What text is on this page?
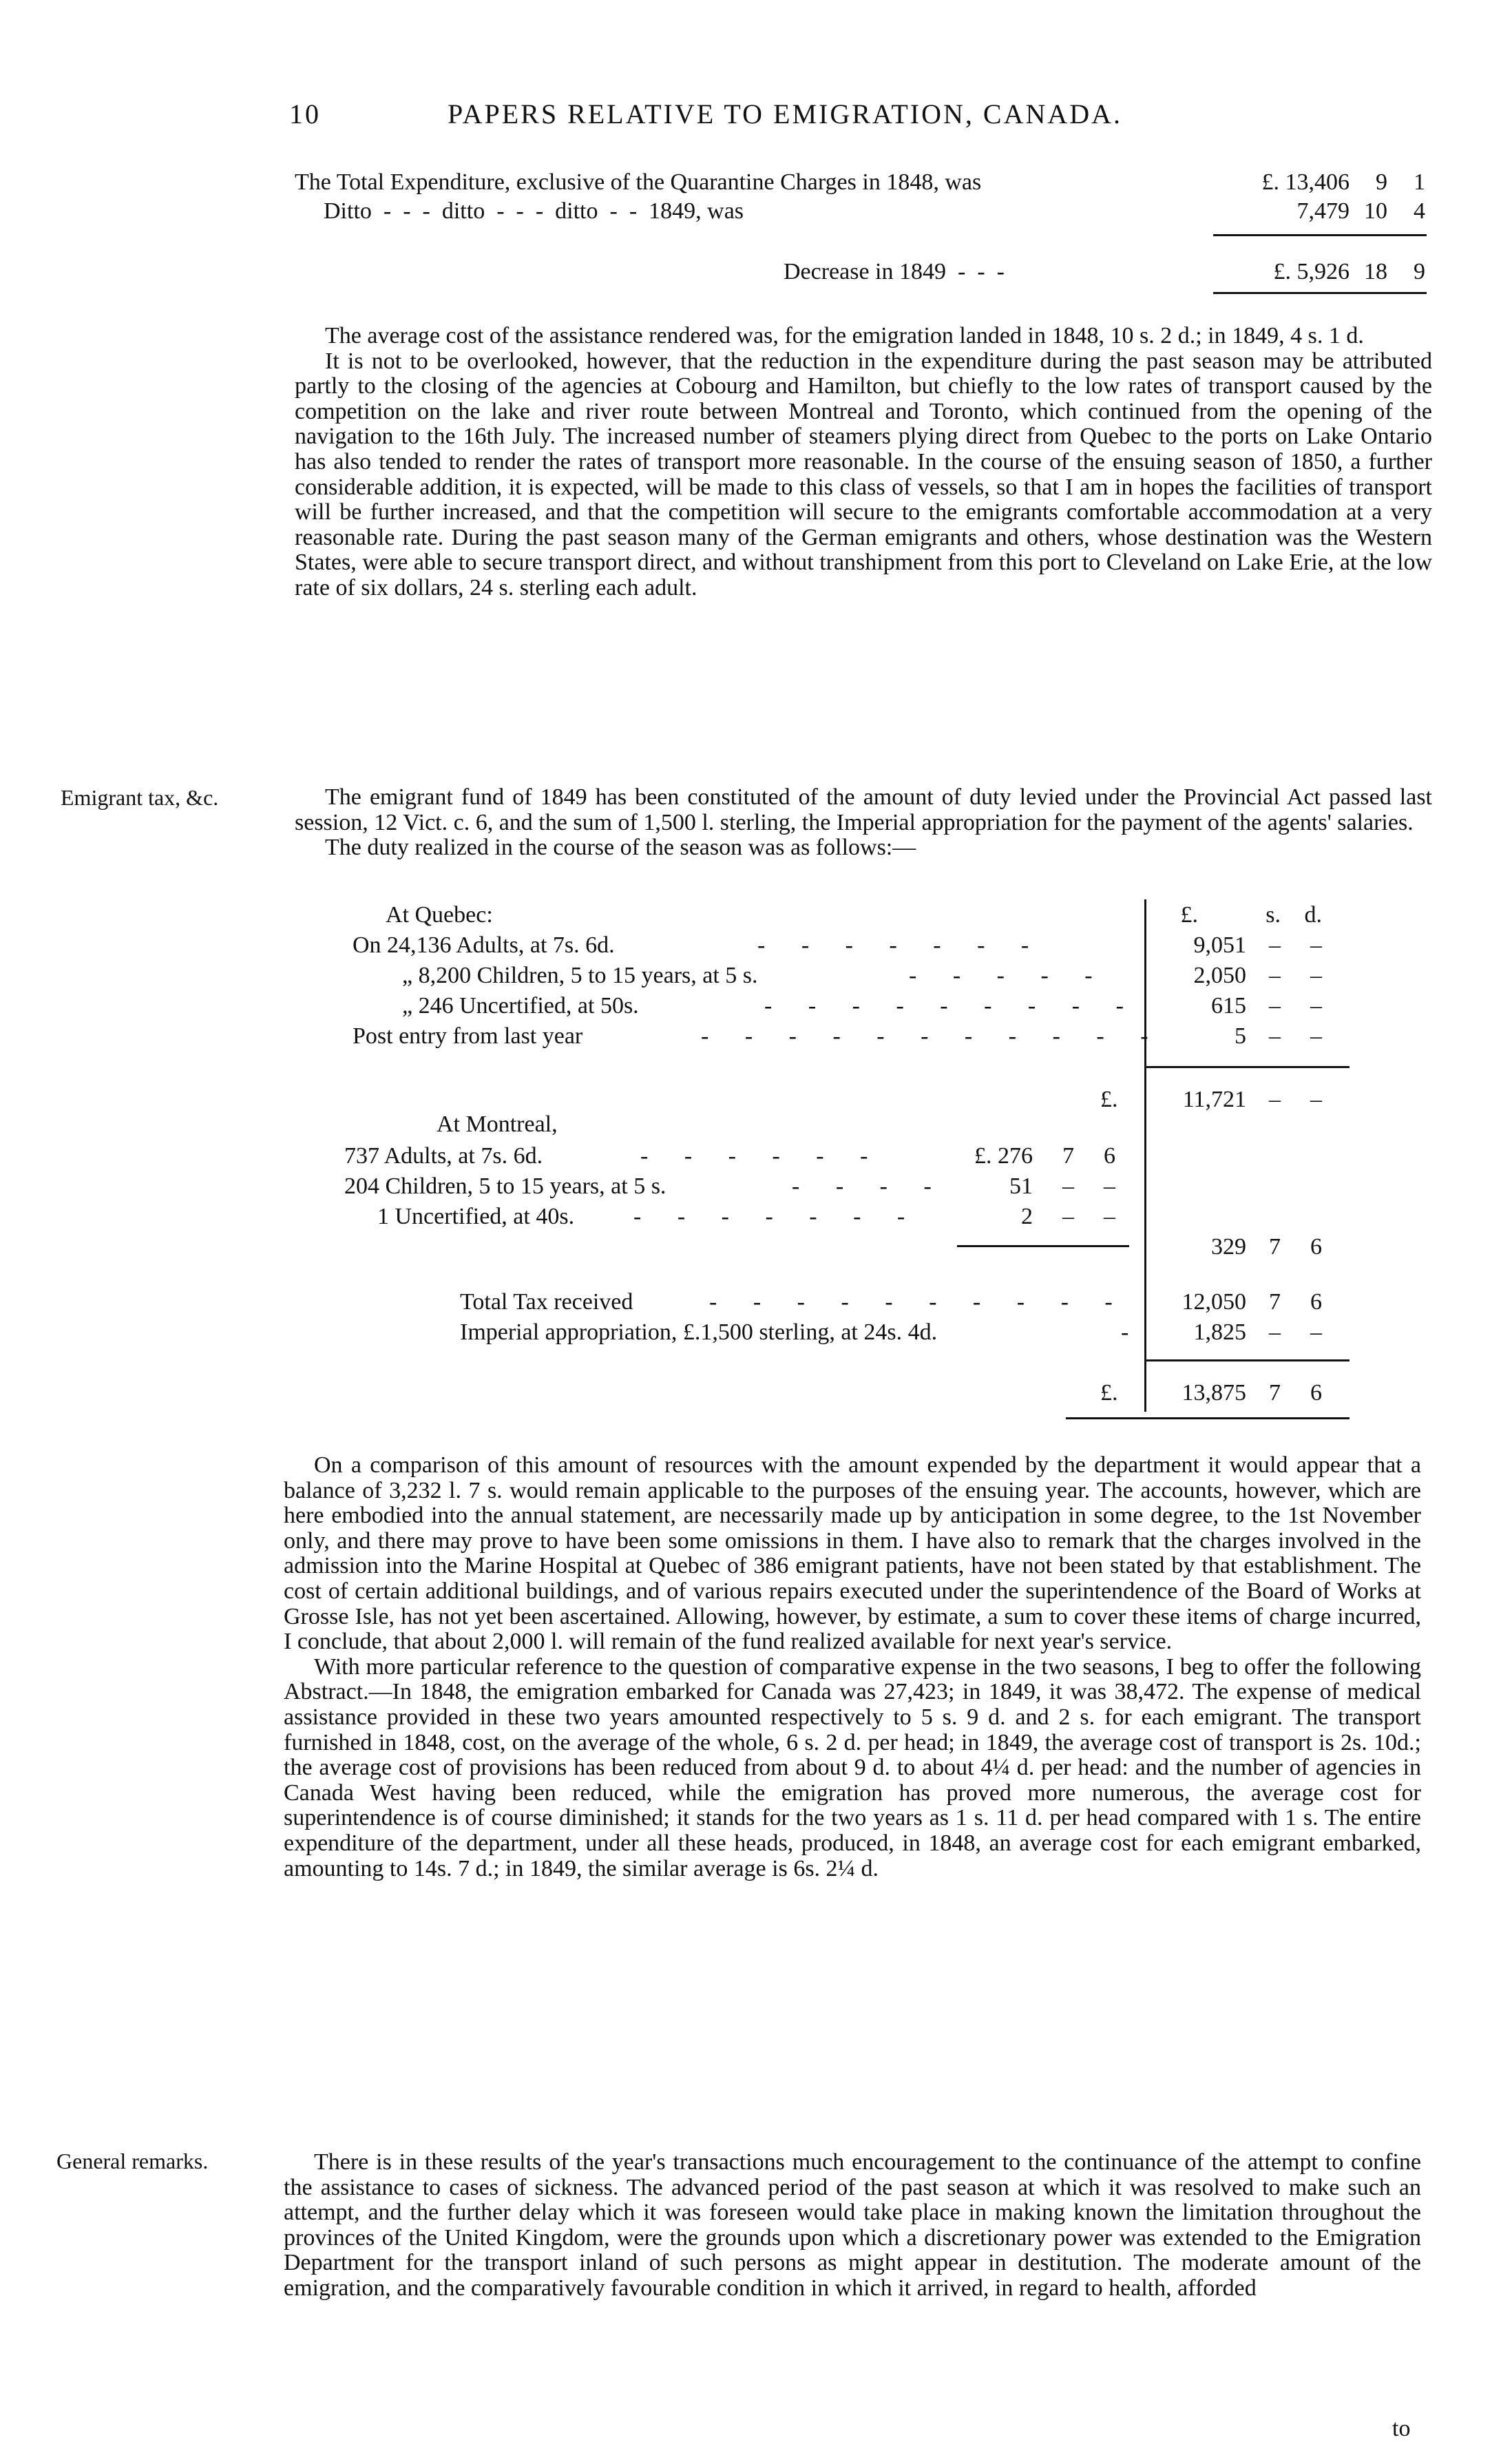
10	PAPERS RELATIVE TO EMIGRATION, CANADA.
The Total Expenditure, exclusive of the Quarantine Charges in 1848, was	£. 13,406	9	1
Ditto  -  -  -  ditto  -  -  -  ditto  -  -  1849, was	7,479 10	4
Decrease in 1849  -  -  -	£. 5,926 18	9

The average cost of the assistance rendered was, for the emigration landed in 1848, 10 s. 2 d.; in 1849, 4 s. 1 d.

It is not to be overlooked, however, that the reduction in the expenditure during the past season may be attributed partly to the closing of the agencies at Cobourg and Hamilton, but chiefly to the low rates of transport caused by the competition on the lake and river route between Montreal and Toronto, which continued from the opening of the navigation to the 16th July. The increased number of steamers plying direct from Quebec to the ports on Lake Ontario has also tended to render the rates of transport more reasonable. In the course of the ensuing season of 1850, a further considerable addition, it is expected, will be made to this class of vessels, so that I am in hopes the facilities of transport will be further increased, and that the competition will secure to the emigrants comfortable accommodation at a very reasonable rate. During the past season many of the German emigrants and others, whose destination was the Western States, were able to secure transport direct, and without transhipment from this port to Cleveland on Lake Erie, at the low rate of six dollars, 24 s. sterling each adult.

Emigrant tax, &c.
General remarks.

The emigrant fund of 1849 has been constituted of the amount of duty levied under the Provincial Act passed last session, 12 Vict. c. 6, and the sum of 1,500 l. sterling, the Imperial appropriation for the payment of the agents' salaries.

The duty realized in the course of the season was as follows:—

£.	s. d.
At Quebec:
On 24,136 Adults, at 7s. 6d.	- - - - - - -	9,051 –	–
„ 8,200 Children, 5 to 15 years, at 5 s.	- - - - -	2,050 –	–
„ 246 Uncertified, at 50s.	- - - - - - - - -	615 –	–
Post entry from last year	- - - - - - - - - - -	5 –	–
£.	11,721 –	–
At Montreal,
737 Adults, at 7s. 6d.	- - - - - -	£. 276	7	6
204 Children, 5 to 15 years, at 5 s.	- - - -	51	–	–
1 Uncertified, at 40s.	- - - - - - -	2	–	–
329 7	6
Total Tax received	- - - - - - - - - -	12,050 7	6
Imperial appropriation, £.1,500 sterling, at 24s. 4d.	-	1,825 –	–
£.	13,875 7	6

On a comparison of this amount of resources with the amount expended by the department it would appear that a balance of 3,232 l. 7 s. would remain applicable to the purposes of the ensuing year. The accounts, however, which are here embodied into the annual statement, are necessarily made up by anticipation in some degree, to the 1st November only, and there may prove to have been some omissions in them. I have also to remark that the charges involved in the admission into the Marine Hospital at Quebec of 386 emigrant patients, have not been stated by that establishment. The cost of certain additional buildings, and of various repairs executed under the superintendence of the Board of Works at Grosse Isle, has not yet been ascertained. Allowing, however, by estimate, a sum to cover these items of charge incurred, I conclude, that about 2,000 l. will remain of the fund realized available for next year's service.

With more particular reference to the question of comparative expense in the two seasons, I beg to offer the following Abstract.—In 1848, the emigration embarked for Canada was 27,423; in 1849, it was 38,472. The expense of medical assistance provided in these two years amounted respectively to 5 s. 9 d. and 2 s. for each emigrant. The transport furnished in 1848, cost, on the average of the whole, 6 s. 2 d. per head; in 1849, the average cost of transport is 2s. 10d.; the average cost of provisions has been reduced from about 9 d. to about 4¼ d. per head: and the number of agencies in Canada West having been reduced, while the emigration has proved more numerous, the average cost for superintendence is of course diminished; it stands for the two years as 1 s. 11 d. per head compared with 1 s. The entire expenditure of the department, under all these heads, produced, in 1848, an average cost for each emigrant embarked, amounting to 14s. 7 d.; in 1849, the similar average is 6s. 2¼ d.

There is in these results of the year's transactions much encouragement to the continuance of the attempt to confine the assistance to cases of sickness. The advanced period of the past season at which it was resolved to make such an attempt, and the further delay which it was foreseen would take place in making known the limitation throughout the provinces of the United Kingdom, were the grounds upon which a discretionary power was extended to the Emigration Department for the transport inland of such persons as might appear in destitution. The moderate amount of the emigration, and the comparatively favourable condition in which it arrived, in regard to health, afforded

to
